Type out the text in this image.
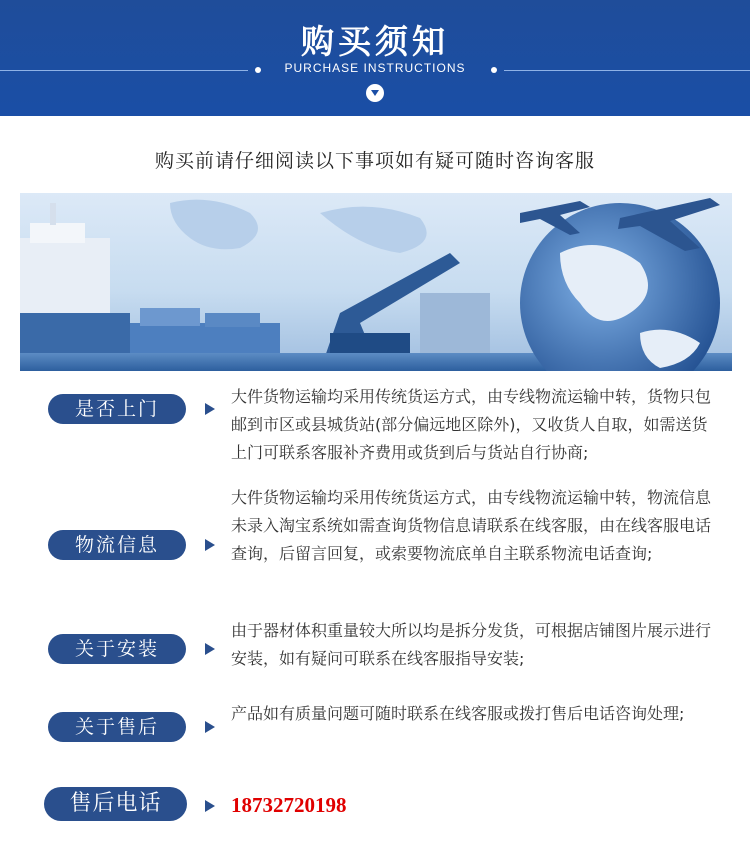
购买须知
PURCHASE INSTRUCTIONS
购买前请仔细阅读以下事项如有疑可随时咨询客服
是否上门
大件货物运输均采用传统货运方式，由专线物流运输中转，货物只包邮到市区或县城货站(部分偏远地区除外)，又收货人自取，如需送货上门可联系客服补齐费用或货到后与货站自行协商;
物流信息
大件货物运输均采用传统货运方式，由专线物流运输中转，物流信息未录入淘宝系统如需查询货物信息请联系在线客服，由在线客服电话查询，后留言回复，或索要物流底单自主联系物流电话查询;
关于安装
由于器材体积重量较大所以均是拆分发货，可根据店铺图片展示进行安装，如有疑问可联系在线客服指导安装;
关于售后
产品如有质量问题可随时联系在线客服或拨打售后电话咨询处理;
售后电话	18732720198
